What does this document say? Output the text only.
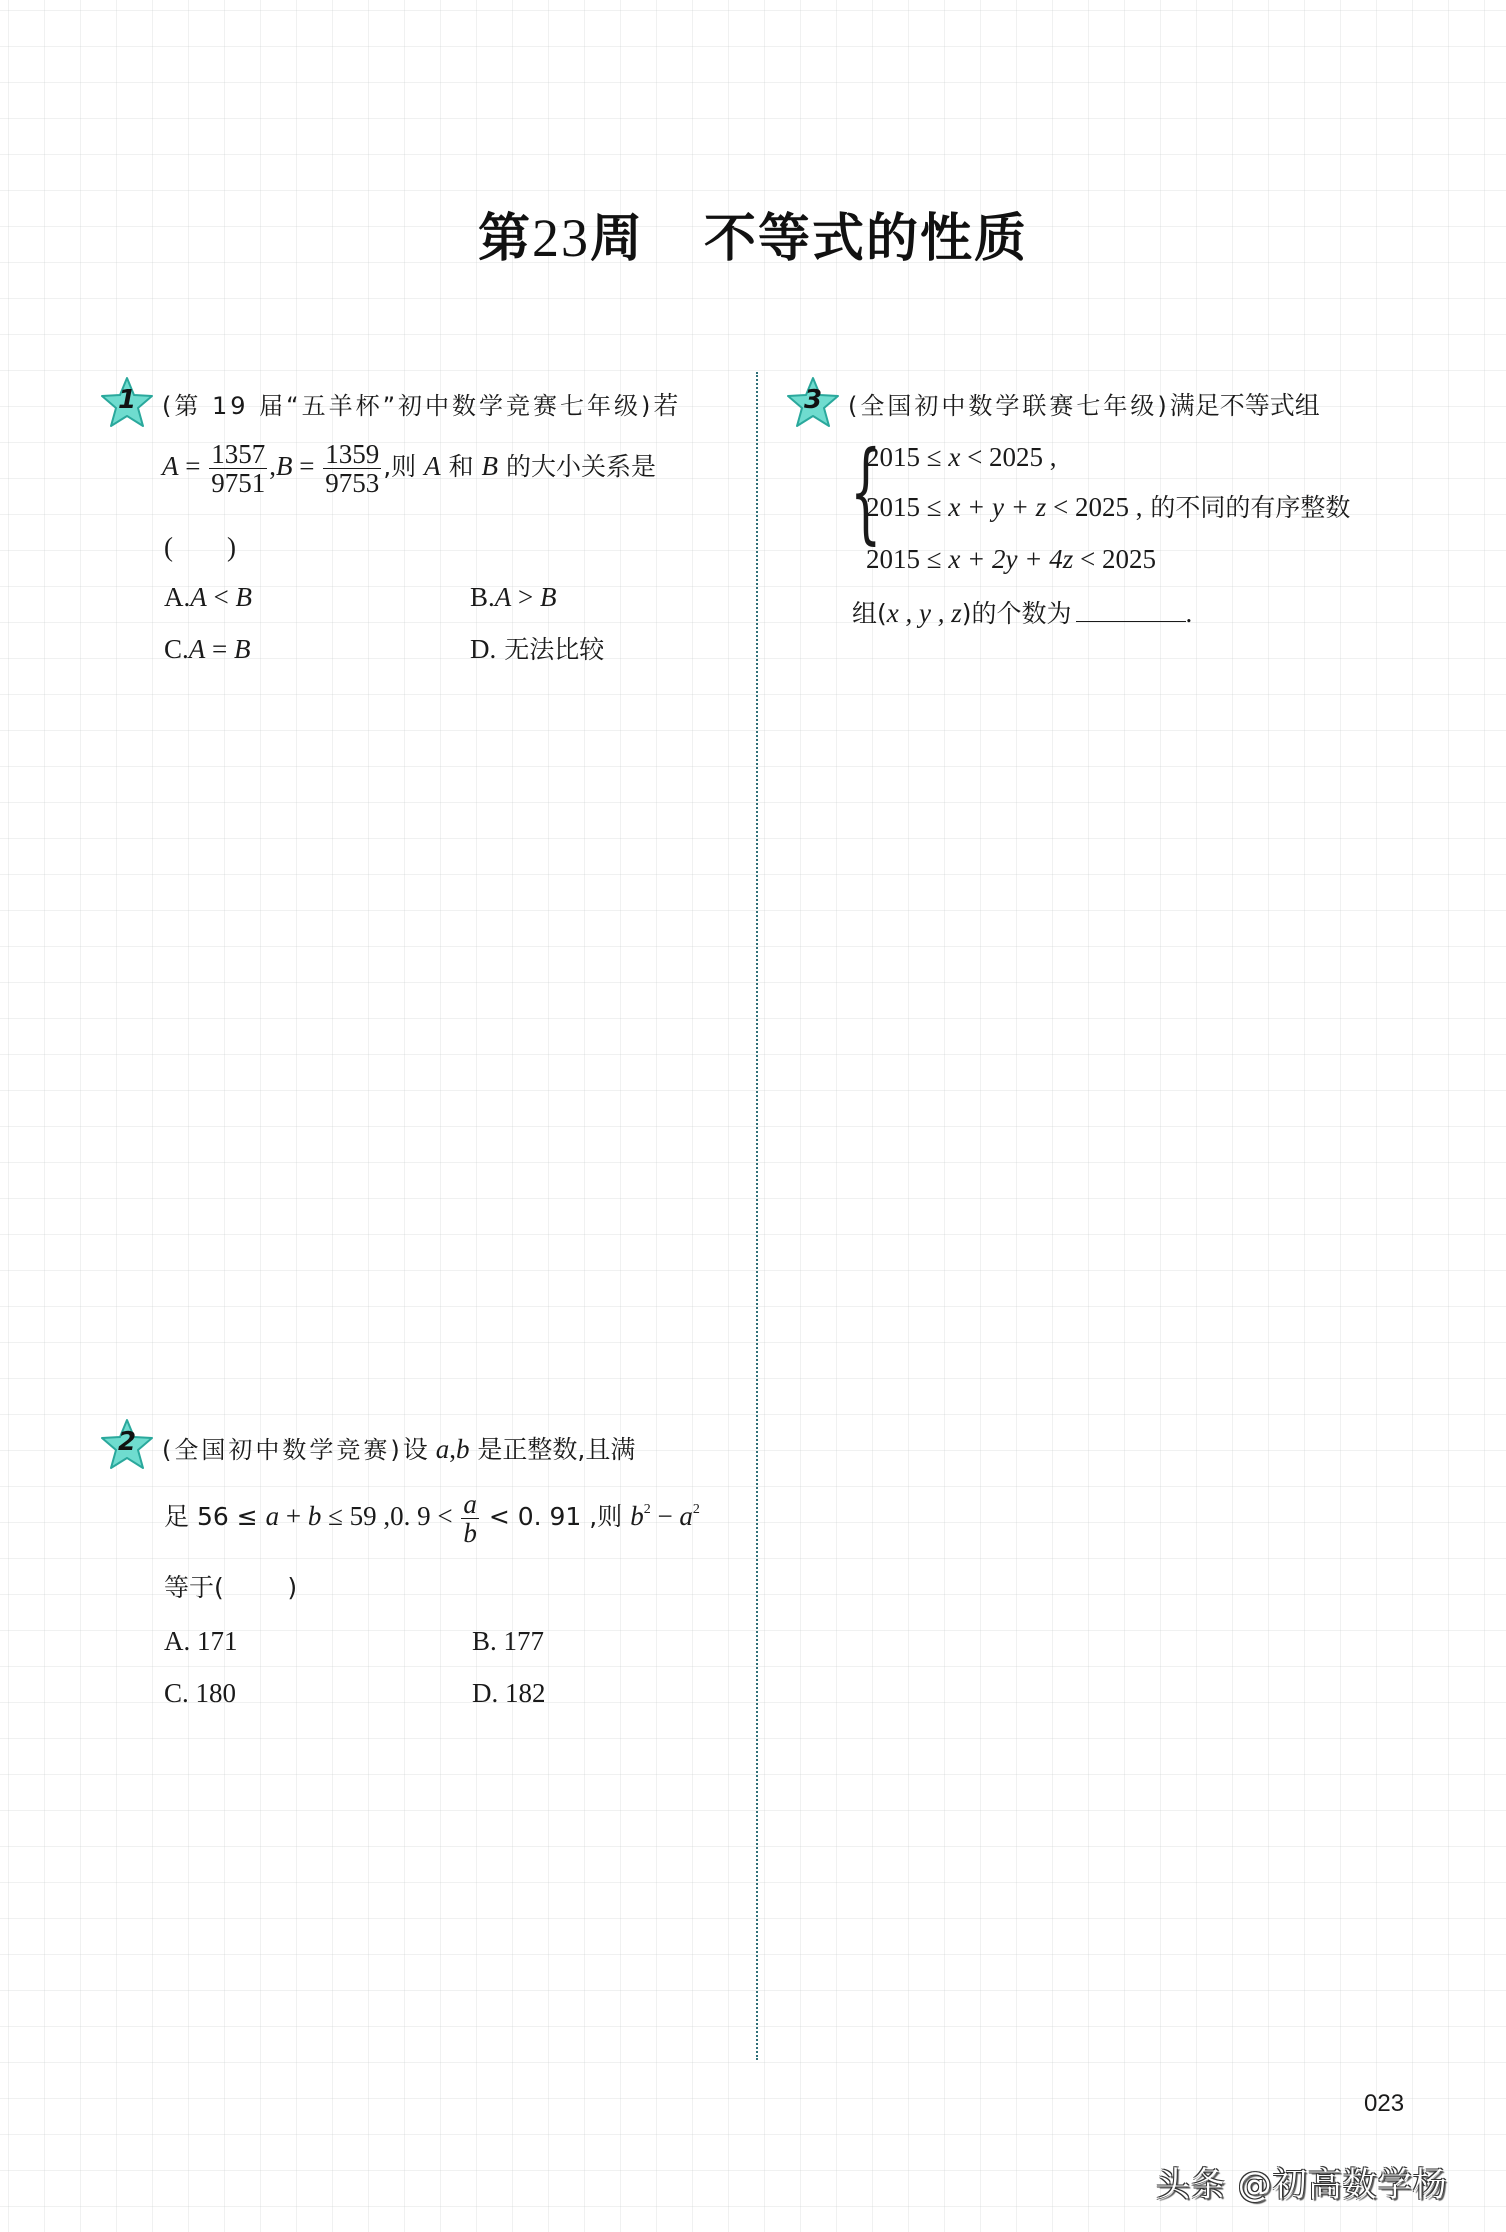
第23周 不等式的性质
1	(第 19 届“五羊杯”初中数学竞赛七年级)若
$A = \frac{1357}{9751} ,B = \frac{1359}{9753}$ ,则 A 和 B 的大小关系是
(        )
A.A < B	B.A > B
C.A = B	D. 无法比较
2	(全国初中数学竞赛)设 a,b 是正整数,且满
足 56 ≤ a + b ≤ 59 ,0. $9 < \frac{a}{b} < 0$. 91 ,则 $b^2 - a^2$
等于(        )
A. 171	B. 177
C. 180	D. 182
3	(全国初中数学联赛七年级)满足不等式组
{
2015 ≤ x < 2025 ,
2015 ≤ x + y + z < 2025 , 的不同的有序整数
2015 ≤ x + 2y + 4z < 2025
组(x , y , z)的个数为	.
023
头条 @初高数学杨
